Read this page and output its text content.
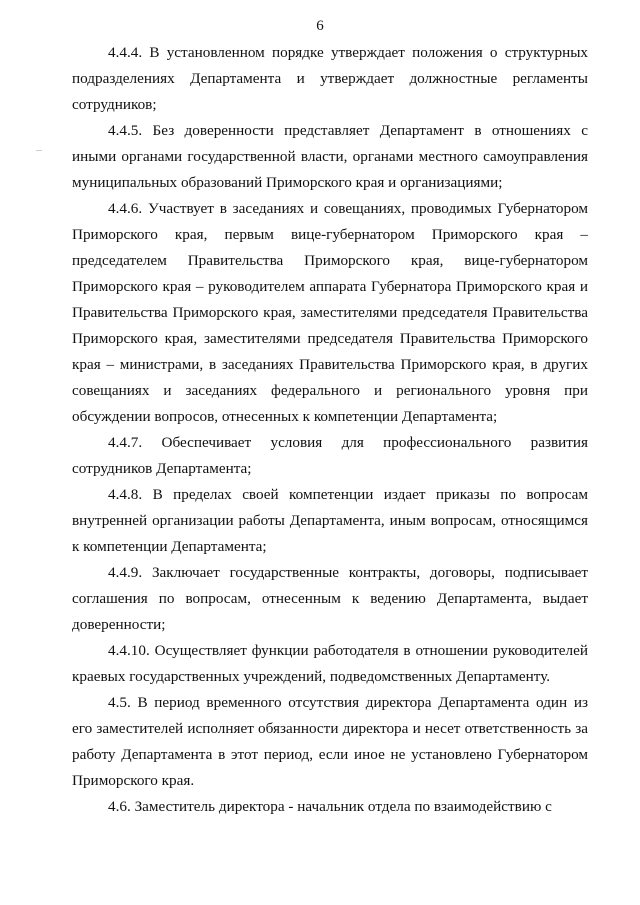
6

4.4.4. В установленном порядке утверждает положения о структурных подразделениях Департамента и утверждает должностные регламенты сотрудников;

4.4.5. Без доверенности представляет Департамент в отношениях с иными органами государственной власти, органами местного самоуправления муниципальных образований Приморского края и организациями;

4.4.6. Участвует в заседаниях и совещаниях, проводимых Губернатором Приморского края, первым вице-губернатором Приморского края – председателем Правительства Приморского края, вице-губернатором Приморского края – руководителем аппарата Губернатора Приморского края и Правительства Приморского края, заместителями председателя Правительства Приморского края, заместителями председателя Правительства Приморского края – министрами, в заседаниях Правительства Приморского края, в других совещаниях и заседаниях федерального и регионального уровня при обсуждении вопросов, отнесенных к компетенции Департамента;

4.4.7. Обеспечивает условия для профессионального развития сотрудников Департамента;

4.4.8. В пределах своей компетенции издает приказы по вопросам внутренней организации работы Департамента, иным вопросам, относящимся к компетенции Департамента;

4.4.9. Заключает государственные контракты, договоры, подписывает соглашения по вопросам, отнесенным к ведению Департамента, выдает доверенности;

4.4.10. Осуществляет функции работодателя в отношении руководителей краевых государственных учреждений, подведомственных Департаменту.

4.5. В период временного отсутствия директора Департамента один из его заместителей исполняет обязанности директора и несет ответственность за работу Департамента в этот период, если иное не установлено Губернатором Приморского края.

4.6. Заместитель директора - начальник отдела по взаимодействию с
